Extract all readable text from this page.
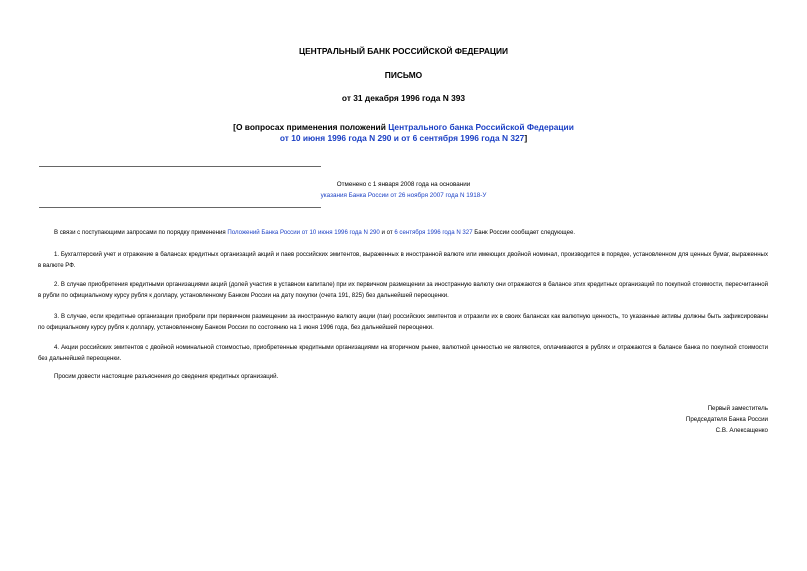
ЦЕНТРАЛЬНЫЙ БАНК РОССИЙСКОЙ ФЕДЕРАЦИИ
ПИСЬМО
от 31 декабря 1996 года N 393
[О вопросах применения положений Центрального банка Российской Федерации от 10 июня 1996 года N 290 и от 6 сентября 1996 года N 327]
Отменено с 1 января 2008 года на основании
указания Банка России от 26 ноября 2007 года N 1918-У
В связи с поступающими запросами по порядку применения Положений Банка России от 10 июня 1996 года N 290 и от 6 сентября 1996 года N 327 Банк России сообщает следующее.
1. Бухгалтерский учет и отражение в балансах кредитных организаций акций и паев российских эмитентов, выраженных в иностранной валюте или имеющих двойной номинал, производится в порядке, установленном для ценных бумаг, выраженных в валюте РФ.
2. В случае приобретения кредитными организациями акций (долей участия в уставном капитале) при их первичном размещении за иностранную валюту они отражаются в балансе этих кредитных организаций по покупной стоимости, пересчитанной в рубли по официальному курсу рубля к доллару, установленному Банком России на дату покупки (счета 191, 825) без дальнейшей переоценки.
3. В случае, если кредитные организации приобрели при первичном размещении за иностранную валюту акции (паи) российских эмитентов и отразили их в своих балансах как валютную ценность, то указанные активы должны быть зафиксированы по официальному курсу рубля к доллару, установленному Банком России по состоянию на 1 июня 1996 года, без дальнейшей переоценки.
4. Акции российских эмитентов с двойной номинальной стоимостью, приобретенные кредитными организациями на вторичном рынке, валютной ценностью не являются, оплачиваются в рублях и отражаются в балансе банка по покупной стоимости без дальнейшей переоценки.
Просим довести настоящие разъяснения до сведения кредитных организаций.
Первый заместитель
Председателя Банка России
С.В. Алексащенко
